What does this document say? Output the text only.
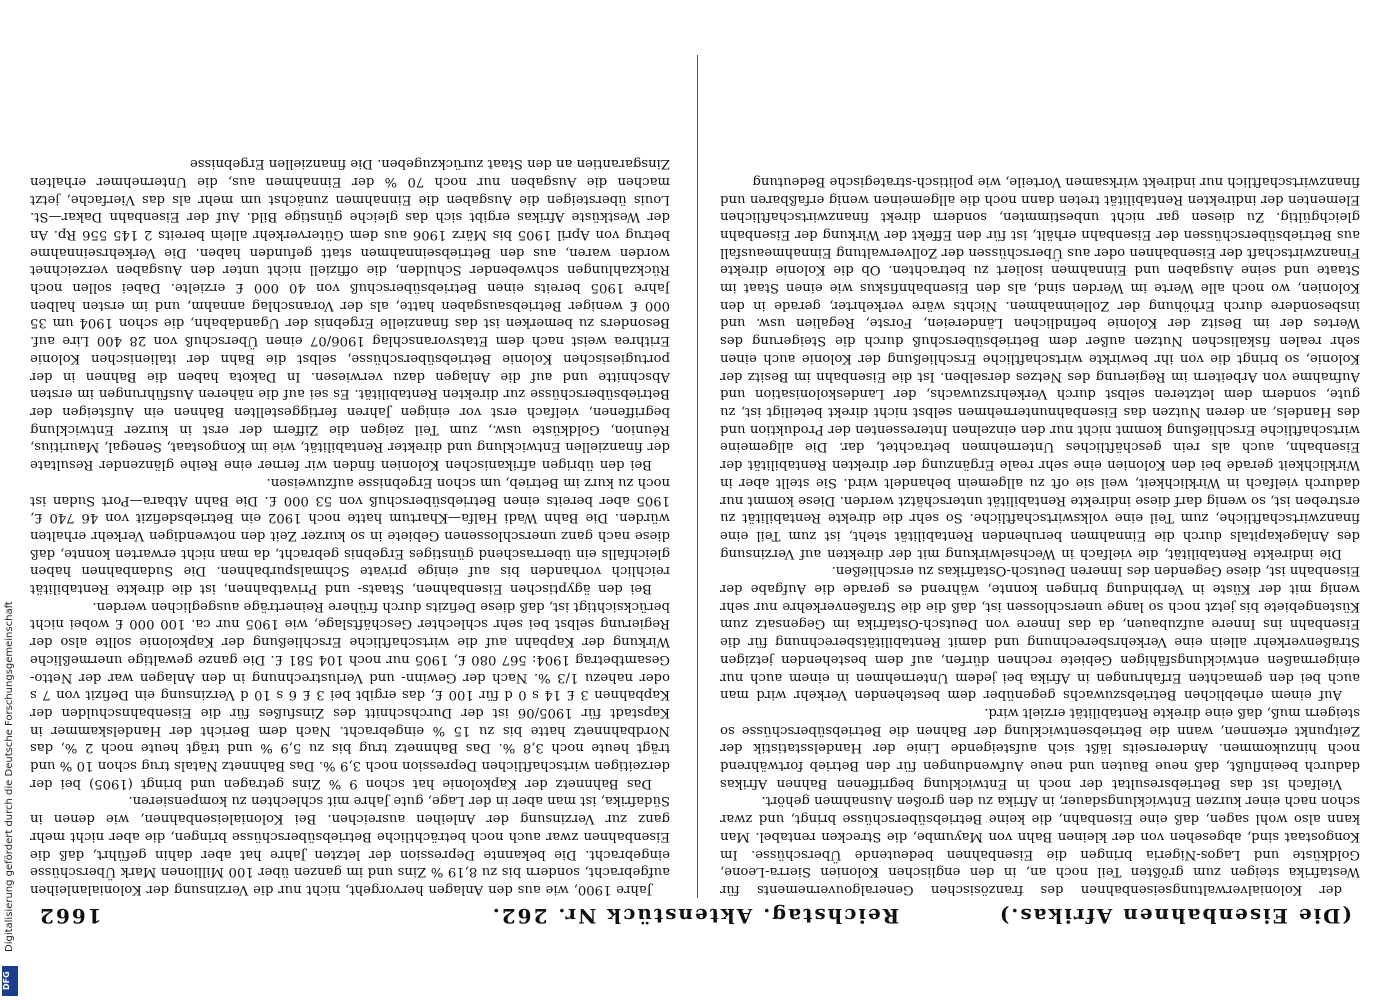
1662	Reichstag. Aktenstück Nr. 262.	(Die Eisenbahnen Afrikas.)

Jahre 1900, wie aus den Anlagen hervorgeht, nicht nur die Verzinsung der Kolonialanleihen aufgebracht, sondern bis zu 8,19 % Zins und im ganzen über 100 Millionen Mark Überschüsse eingebracht. Die bekannte Depression der letzten Jahre hat aber dahin geführt, daß die Eisenbahnen zwar auch noch beträchtliche Betriebsüberschüsse bringen, die aber nicht mehr ganz zur Verzinsung der Anleihen ausreichen. Bei Kolonialeisenbahnen, wie denen in Südafrika, ist man aber in der Lage, gute Jahre mit schlechten zu kompensieren.

Das Bahnnetz der Kapkolonie hat schon 9 % Zins getragen und bringt (1905) bei der derzeitigen wirtschaftlichen Depression noch 3,9 %. Das Bahnnetz Natals trug schon 10 % und trägt heute noch 3,8 %. Das Bahnnetz trug bis zu 5,9 % und trägt heute noch 2 %, das Nordbahnnetz hatte bis zu 15 % eingebracht. Nach dem Bericht der Handelskammer in Kapstadt für 1905/06 ist der Durchschnitt des Zinsfußes für die Eisenbahnschulden der Kapbahnen 3 £ 14 s 0 d für 100 £, das ergibt bei 3 £ 6 s 10 d Verzinsung ein Defizit von 7 s oder nahezu 1/3 %. Nach der Gewinn- und Verlustrechnung in den Anlagen war der Netto-Gesamtbetrag 1904: 567 080 £, 1905 nur noch 104 581 £. Die ganze gewaltige unermeßliche Wirkung der Kapbahn auf die wirtschaftliche Erschließung der Kapkolonie sollte also der Regierung selbst bei sehr schlechter Geschäftslage, wie 1905 nur ca. 100 000 £ wobei nicht berücksichtigt ist, daß diese Defizits durch frühere Reinerträge ausgeglichen werden.

Bei den ägyptischen Eisenbahnen, Staats- und Privatbahnen, ist die direkte Rentabilität reichlich vorhanden bis auf einige private Schmalspurbahnen. Die Sudanbahnen haben gleichfalls ein überraschend günstiges Ergebnis gebracht, da man nicht erwarten konnte, daß diese nach ganz unerschlossenen Gebiete in so kurzer Zeit den notwendigen Verkehr erhalten würden. Die Bahn Wadi Halfa—Khartum hatte noch 1902 ein Betriebsdefizit von 46 740 £, 1905 aber bereits einen Betriebsüberschuß von 53 000 £. Die Bahn Atbara—Port Sudan ist noch zu kurz im Betrieb, um schon Ergebnisse aufzuweisen.

Bei den übrigen afrikanischen Kolonien finden wir ferner eine Reihe glänzender Resultate der finanziellen Entwicklung und direkter Rentabilität, wie im Kongostaat, Senegal, Mauritius, Réunion, Goldküste usw., zum Teil zeigen die Ziffern der erst in kurzer Entwicklung begriffenen, vielfach erst vor einigen Jahren fertiggestellten Bahnen ein Aufsteigen der Betriebsüberschüsse zur direkten Rentabilität. Es sei auf die näheren Ausführungen im ersten Abschnitte und auf die Anlagen dazu verwiesen. In Dakota haben die Bahnen in der portugiesischen Kolonie Betriebsüberschüsse, selbst die Bahn der italienischen Kolonie Erithrea weist nach dem Etatsvoranschlag 1906/07 einen Überschuß von 28 400 Lire auf. Besonders zu bemerken ist das finanzielle Ergebnis der Ugandabahn, die schon 1904 um 35 000 £ weniger Betriebsausgaben hatte, als der Voranschlag annahm, und im ersten halben Jahre 1905 bereits einen Betriebsüberschuß von 40 000 £ erzielte. Dabei sollen noch Rückzahlungen schwebender Schulden, die offiziell nicht unter den Ausgaben verzeichnet worden waren, aus den Betriebseinnahmen statt gefunden haben. Die Verkehrseinnahme betrug von April 1905 bis März 1906 aus dem Güterverkehr allein bereits 2 145 556 Rp. An der Westküste Afrikas ergibt sich das gleiche günstige Bild. Auf der Eisenbahn Dakar—St. Louis übersteigen die Ausgaben die Einnahmen zunächst um mehr als das Vierfache, jetzt machen die Ausgaben nur noch 70 % der Einnahmen aus, die Unternehmer erhalten Zinsgarantien an den Staat zurückzugeben. Die finanziellen Ergebnisse

der Kolonialverwaltungseisenbahnen des französischen Generalgouvernements für Westafrika steigen zum größten Teil noch an, in den englischen Kolonien Sierra-Leone, Goldküste und Lagos-Nigeria bringen die Eisenbahnen bedeutende Überschüsse. Im Kongostaat sind, abgesehen von der kleinen Bahn von Mayumbe, die Strecken rentabel. Man kann also wohl sagen, daß eine Eisenbahn, die keine Betriebsüberschüsse bringt, und zwar schon nach einer kurzen Entwicklungsdauer, in Afrika zu den großen Ausnahmen gehört.

Vielfach ist das Betriebsresultat der noch in Entwicklung begriffenen Bahnen Afrikas dadurch beeinflußt, daß neue Bauten und neue Aufwendungen für den Betrieb fortwährend noch hinzukommen. Andererseits läßt sich aufsteigende Linie der Handelsstatistik der Zeitpunkt erkennen, wann die Betriebsentwicklung der Bahnen die Betriebsüberschüsse so steigern muß, daß eine direkte Rentabilität erzielt wird.

Auf einem erheblichen Betriebszuwachs gegenüber dem bestehenden Verkehr wird man auch bei den gemachten Erfahrungen in Afrika bei jedem Unternehmen in einem auch nur einigermaßen entwicklungsfähigen Gebiete rechnen dürfen, auf dem bestehenden jetzigen Straßenverkehr allein eine Verkehrsberechnung und damit Rentabilitätsberechnung für die Eisenbahn ins Innere aufzubauen, da das Innere von Deutsch-Ostafrika im Gegensatz zum Küstengebiete bis jetzt noch so lange unerschlossen ist, daß die die Straßenverkehre nur sehr wenig mit der Küste in Verbindung bringen konnte, während es gerade die Aufgabe der Eisenbahn ist, diese Gegenden des Inneren Deutsch-Ostafrikas zu erschließen.

Die indirekte Rentabilität, die vielfach in Wechselwirkung mit der direkten auf Verzinsung des Anlagekapitals durch die Einnahmen beruhenden Rentabilität steht, ist zum Teil eine finanzwirtschaftliche, zum Teil eine volkswirtschaftliche. So sehr die direkte Rentabilität zu erstreben ist, so wenig darf diese indirekte Rentabilität unterschätzt werden. Diese kommt nur dadurch vielfach in Wirklichkeit, weil sie oft zu allgemein behandelt wird. Sie stellt aber in Wirklichkeit gerade bei den Kolonien eine sehr reale Ergänzung der direkten Rentabilität der Eisenbahn, auch als rein geschäftliches Unternehmen betrachtet, dar. Die allgemeine wirtschaftliche Erschließung kommt nicht nur den einzelnen Interessenten der Produktion und des Handels, an deren Nutzen das Eisenbahnunternehmen selbst nicht direkt beteiligt ist, zu gute, sondern dem letzteren selbst durch Verkehrszuwachs, der Landeskolonisation und Aufnahme von Arbeitern im Regierung des Netzes derselben. Ist die Eisenbahn im Besitz der Kolonie, so bringt die von ihr bewirkte wirtschaftliche Erschließung der Kolonie auch einen sehr realen fiskalischen Nutzen außer dem Betriebsüberschuß durch die Steigerung des Wertes der im Besitz der Kolonie befindlichen Ländereien, Forste, Regalien usw. und insbesondere durch Erhöhung der Zolleinnahmen. Nichts wäre verkehrter, gerade in den Kolonien, wo noch alle Werte im Werden sind, als den Eisenbahnfiskus wie einen Staat im Staate und seine Ausgaben und Einnahmen isoliert zu betrachten. Ob die Kolonie direkte Finanzwirtschaft der Eisenbahnen oder aus Überschüssen der Zollverwaltung Einnahmeausfall aus Betriebsüberschüssen der Eisenbahn erhält, ist für den Effekt der Wirkung der Eisenbahn gleichgültig. Zu diesen gar nicht unbestimmten, sondern direkt finanzwirtschaftlichen Elementen der indirekten Rentabilität treten dann noch die allgemeinen wenig erfaßbaren und finanzwirtschaftlich nur indirekt wirksamen Vorteile, wie politisch-strategische Bedeutung

Digitalisierung gefördert durch die Deutsche Forschungsgemeinschaft
DFG
